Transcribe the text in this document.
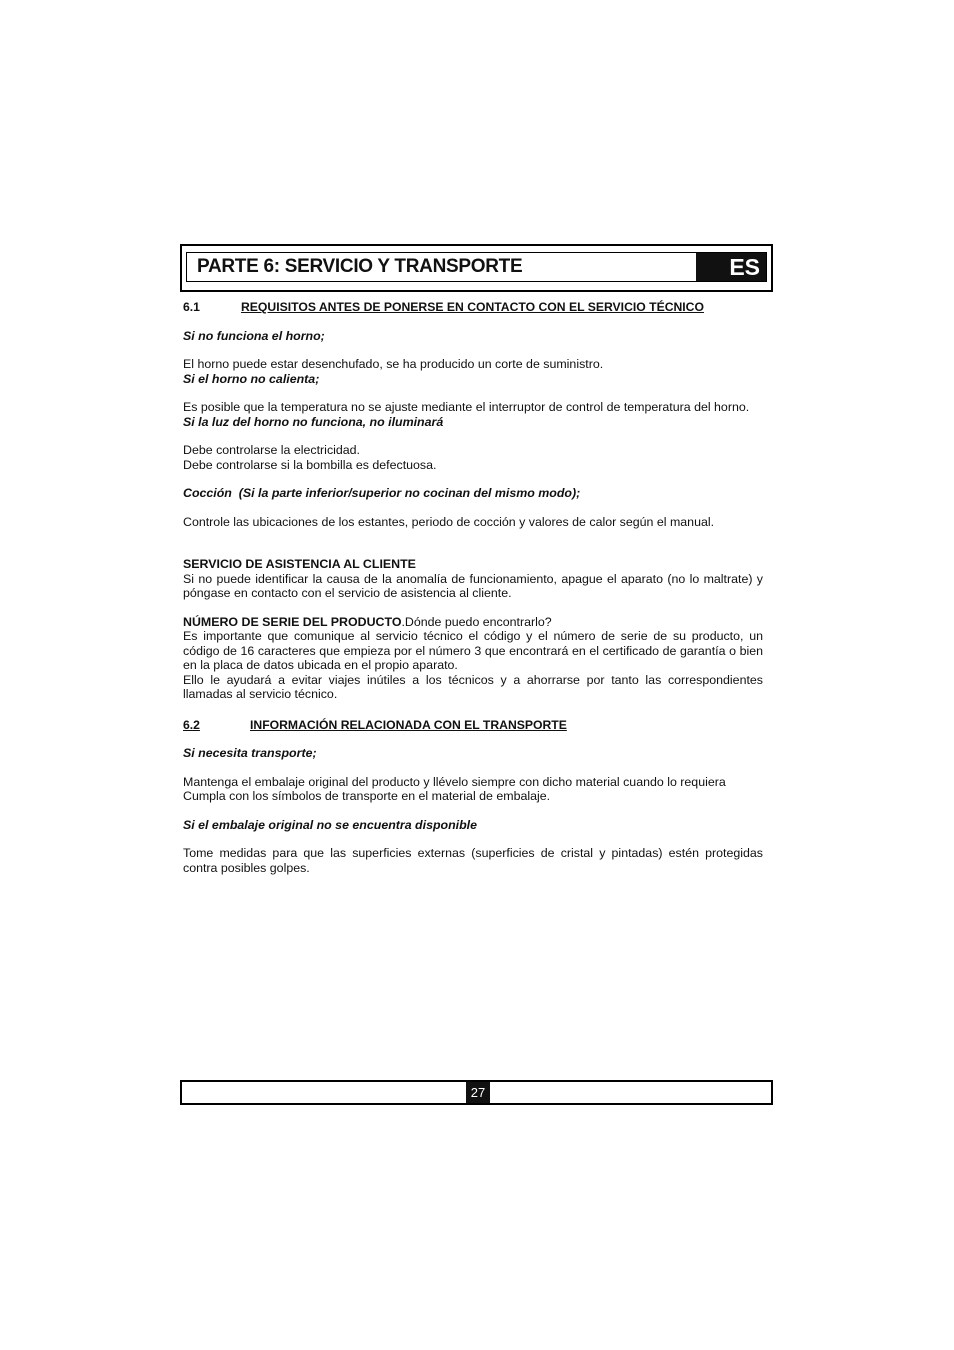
PARTE 6: SERVICIO Y TRANSPORTE	ES

6.1	REQUISITOS ANTES DE PONERSE EN CONTACTO CON EL SERVICIO TÉCNICO

Si no funciona el horno;

El horno puede estar desenchufado, se ha producido un corte de suministro.

Si el horno no calienta;

Es posible que la temperatura no se ajuste mediante el interruptor de control de temperatura del horno.

Si la luz del horno no funciona, no iluminará

Debe controlarse la electricidad.

Debe controlarse si la bombilla es defectuosa.

Cocción  (Si la parte inferior/superior no cocinan del mismo modo);

Controle las ubicaciones de los estantes, periodo de cocción y valores de calor según el manual.

SERVICIO DE ASISTENCIA AL CLIENTE

Si no puede identificar la causa de la anomalía de funcionamiento, apague el aparato (no lo maltrate) y póngase en contacto con el servicio de asistencia al cliente.

NÚMERO DE SERIE DEL PRODUCTO.Dónde puedo encontrarlo?

Es importante que comunique al servicio técnico el código y el número de serie de su producto, un código de 16 caracteres que empieza por el número 3 que encontrará en el certificado de garantía o bien en la placa de datos ubicada en el propio aparato.

Ello le ayudará a evitar viajes inútiles a los técnicos y a ahorrarse por tanto las correspondientes llamadas al servicio técnico.

6.2	INFORMACIÓN RELACIONADA CON EL TRANSPORTE

Si necesita transporte;

Mantenga el embalaje original del producto y llévelo siempre con dicho material cuando lo requiera

Cumpla con los símbolos de transporte en el material de embalaje.

Si el embalaje original no se encuentra disponible

Tome medidas para que las superficies externas (superficies de cristal y pintadas) estén protegidas contra posibles golpes.

27
